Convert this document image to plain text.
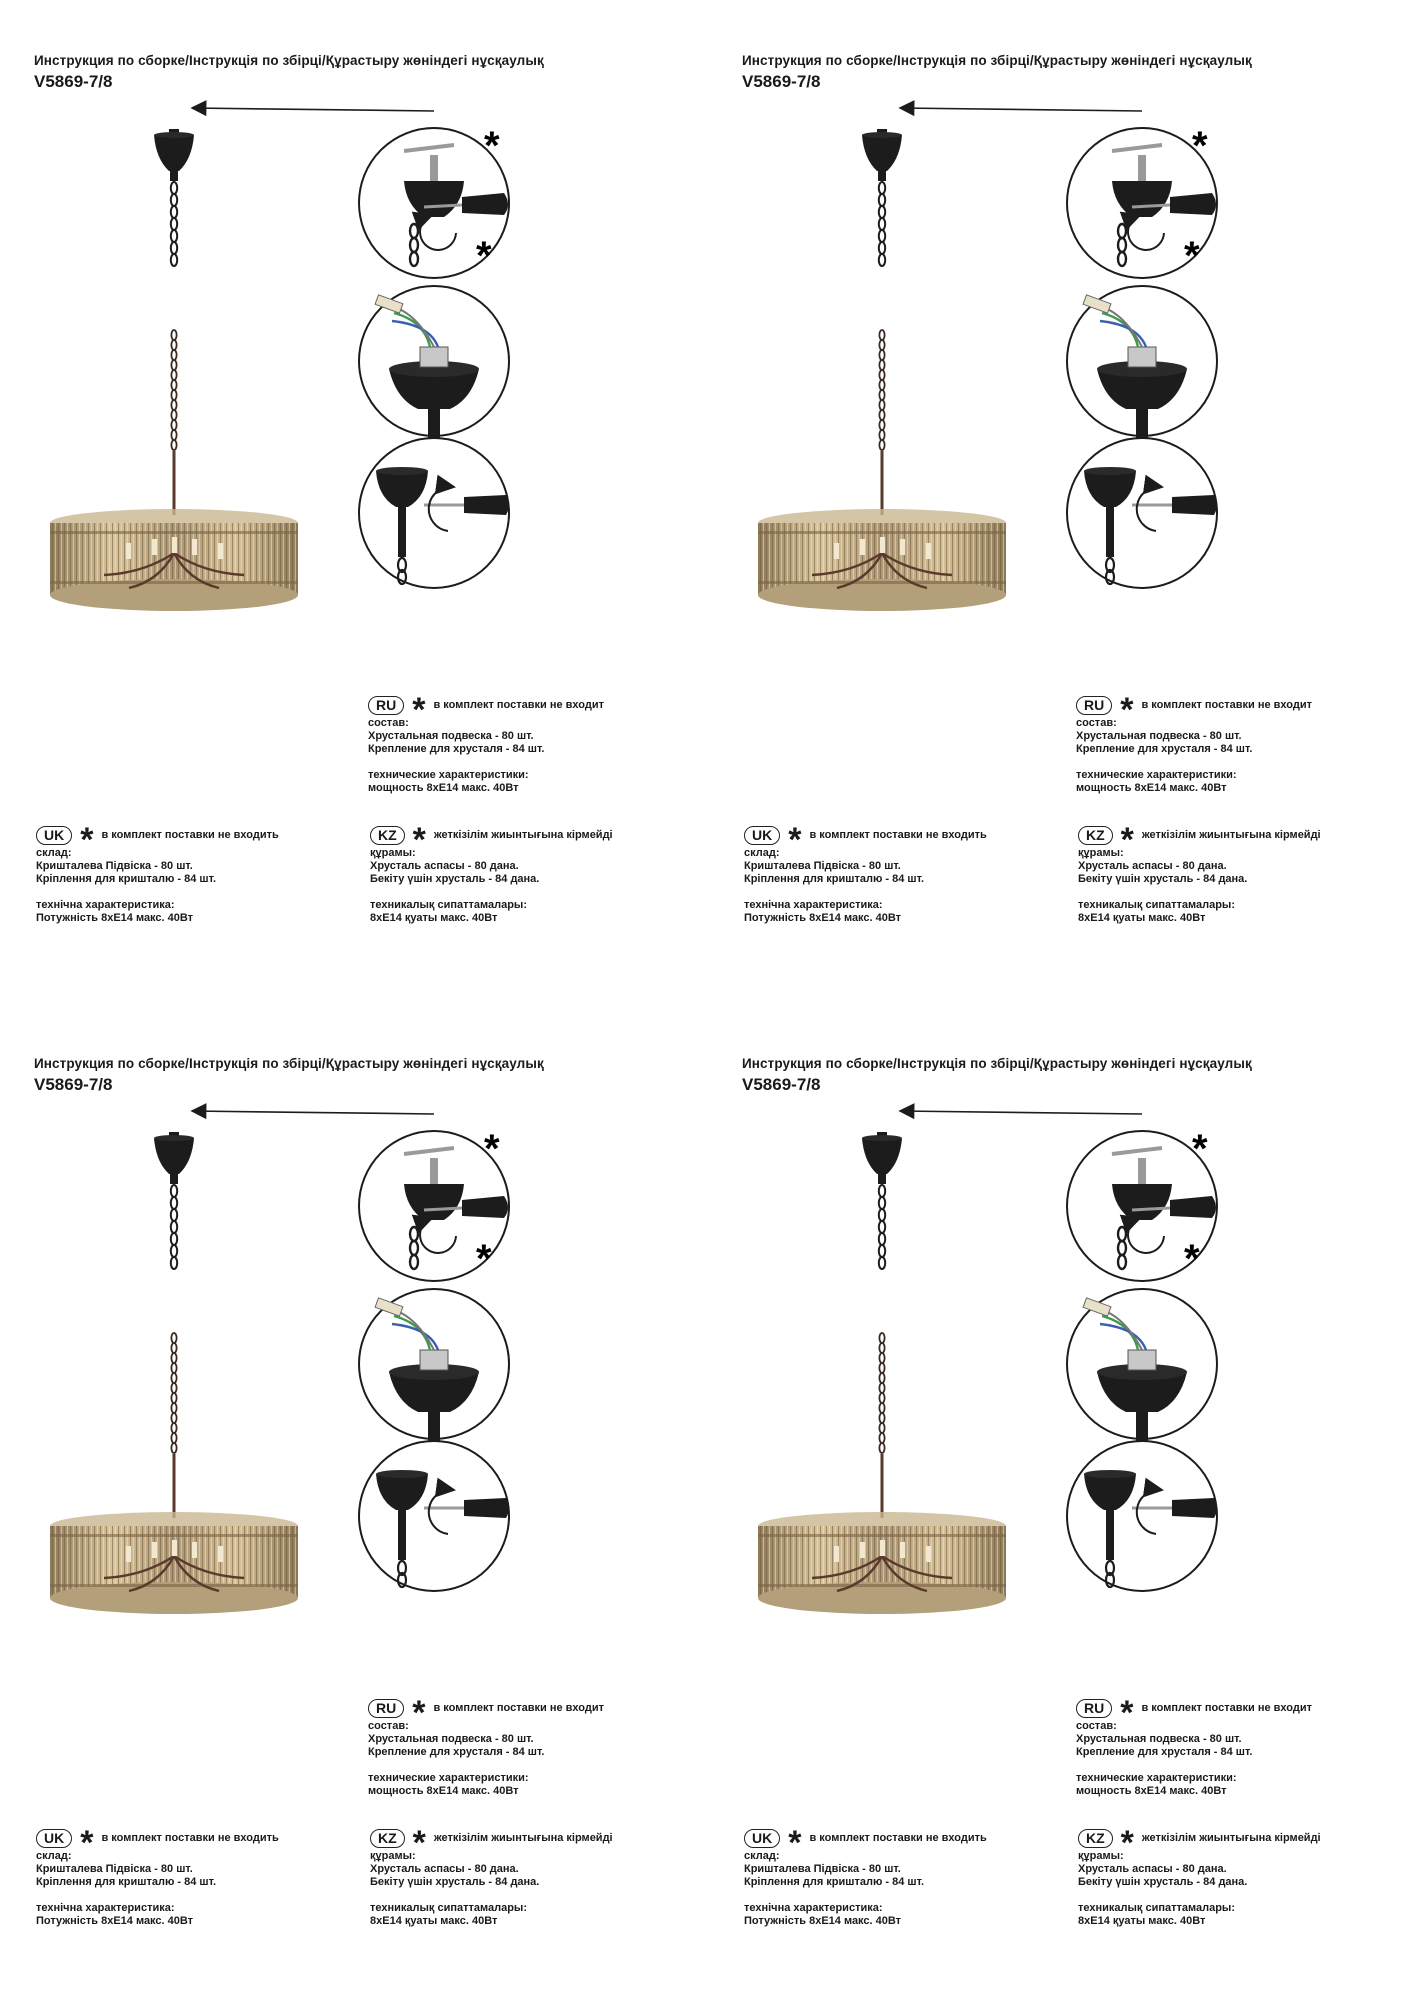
Инструкция по сборке/Інструкція по збірці/Құрастыру жөніндегі нұсқаулық
V5869-7/8
*
*
RU * в комплект поставки не входит
состав:
Хрустальная подвеска - 80 шт.
Крепление для хрусталя - 84 шт.
технические характеристики:
мощность 8хЕ14 макс. 40Вт
UK * в комплект поставки не входить
склад:
Кришталева Підвіска - 80 шт.
Кріплення для кришталю - 84 шт.
технічна характеристика:
Потужність 8хЕ14 макс. 40Вт
KZ * жеткізілім жиынтығына кірмейді
құрамы:
Хрусталь аспасы - 80 дана.
Бекіту үшін хрусталь - 84 дана.
техникалық сипаттамалары:
8хЕ14 қуаты макс. 40Вт
Инструкция по сборке/Інструкція по збірці/Құрастыру жөніндегі нұсқаулық
V5869-7/8
*
*
RU * в комплект поставки не входит
состав:
Хрустальная подвеска - 80 шт.
Крепление для хрусталя - 84 шт.
технические характеристики:
мощность 8хЕ14 макс. 40Вт
UK * в комплект поставки не входить
склад:
Кришталева Підвіска - 80 шт.
Кріплення для кришталю - 84 шт.
технічна характеристика:
Потужність 8хЕ14 макс. 40Вт
KZ * жеткізілім жиынтығына кірмейді
құрамы:
Хрусталь аспасы - 80 дана.
Бекіту үшін хрусталь - 84 дана.
техникалық сипаттамалары:
8хЕ14 қуаты макс. 40Вт
Инструкция по сборке/Інструкція по збірці/Құрастыру жөніндегі нұсқаулық
V5869-7/8
*
*
RU * в комплект поставки не входит
состав:
Хрустальная подвеска - 80 шт.
Крепление для хрусталя - 84 шт.
технические характеристики:
мощность 8хЕ14 макс. 40Вт
UK * в комплект поставки не входить
склад:
Кришталева Підвіска - 80 шт.
Кріплення для кришталю - 84 шт.
технічна характеристика:
Потужність 8хЕ14 макс. 40Вт
KZ * жеткізілім жиынтығына кірмейді
құрамы:
Хрусталь аспасы - 80 дана.
Бекіту үшін хрусталь - 84 дана.
техникалық сипаттамалары:
8хЕ14 қуаты макс. 40Вт
Инструкция по сборке/Інструкція по збірці/Құрастыру жөніндегі нұсқаулық
V5869-7/8
*
*
RU * в комплект поставки не входит
состав:
Хрустальная подвеска - 80 шт.
Крепление для хрусталя - 84 шт.
технические характеристики:
мощность 8хЕ14 макс. 40Вт
UK * в комплект поставки не входить
склад:
Кришталева Підвіска - 80 шт.
Кріплення для кришталю - 84 шт.
технічна характеристика:
Потужність 8хЕ14 макс. 40Вт
KZ * жеткізілім жиынтығына кірмейді
құрамы:
Хрусталь аспасы - 80 дана.
Бекіту үшін хрусталь - 84 дана.
техникалық сипаттамалары:
8хЕ14 қуаты макс. 40Вт
